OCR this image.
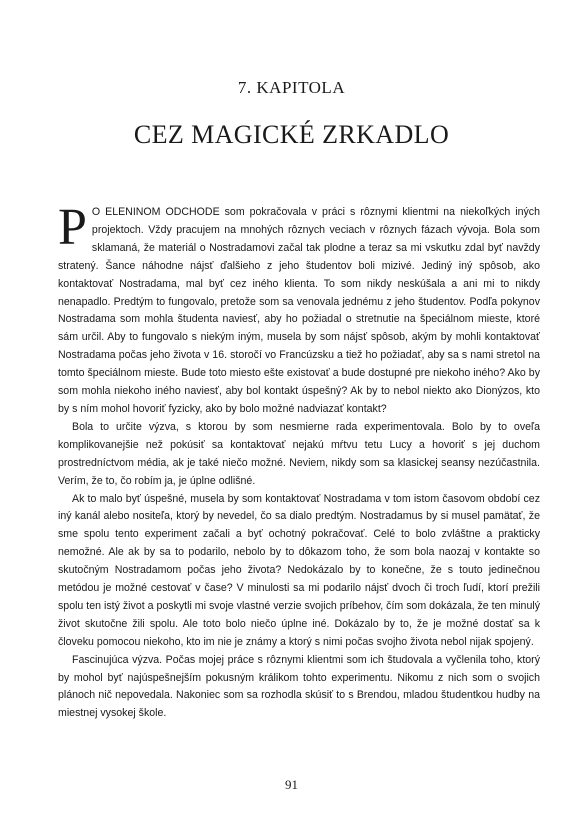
7. KAPITOLA
CEZ MAGICKÉ ZRKADLO

P O ELENINOM ODCHODE som pokračovala v práci s rôznymi klientmi na niekoľkých iných projektoch. Vždy pracujem na mnohých rôznych veciach v rôznych fázach vývoja. Bola som sklamaná, že materiál o Nostradamovi začal tak plodne a teraz sa mi vskutku zdal byť navždy stratený. Šance náhodne nájsť ďalšieho z jeho študentov boli mizivé. Jediný iný spôsob, ako kontaktovať Nostradama, mal byť cez iného klienta. To som nikdy neskúšala a ani mi to nikdy nenapadlo. Predtým to fungovalo, pretože som sa venovala jednému z jeho študentov. Podľa pokynov Nostradama som mohla študenta naviesť, aby ho požiadal o stretnutie na špeciálnom mieste, ktoré sám určil. Aby to fungovalo s niekým iným, musela by som nájsť spôsob, akým by mohli kontaktovať Nostradama počas jeho života v 16. storočí vo Francúzsku a tiež ho požiadať, aby sa s nami stretol na tomto špeciálnom mieste. Bude toto miesto ešte existovať a bude dostupné pre niekoho iného? Ako by som mohla niekoho iného naviesť, aby bol kontakt úspešný? Ak by to nebol niekto ako Dionýzos, kto by s ním mohol hovoriť fyzicky, ako by bolo možné nadviazať kontakt?

Bola to určite výzva, s ktorou by som nesmierne rada experimentovala. Bolo by to oveľa komplikovanejšie než pokúsiť sa kontaktovať nejakú mŕtvu tetu Lucy a hovoriť s jej duchom prostredníctvom média, ak je také niečo možné. Neviem, nikdy som sa klasickej seansy nezúčastnila. Verím, že to, čo robím ja, je úplne odlišné.

Ak to malo byť úspešné, musela by som kontaktovať Nostradama v tom istom časovom období cez iný kanál alebo nositeľa, ktorý by nevedel, čo sa dialo predtým. Nostradamus by si musel pamätať, že sme spolu tento experiment začali a byť ochotný pokračovať. Celé to bolo zvláštne a prakticky nemožné. Ale ak by sa to podarilo, nebolo by to dôkazom toho, že som bola naozaj v kontakte so skutočným Nostradamom počas jeho života? Nedokázalo by to konečne, že s touto jedinečnou metódou je možné cestovať v čase? V minulosti sa mi podarilo nájsť dvoch či troch ľudí, ktorí prežili spolu ten istý život a poskytli mi svoje vlastné verzie svojich príbehov, čím som dokázala, že ten minulý život skutočne žili spolu. Ale toto bolo niečo úplne iné. Dokázalo by to, že je možné dostať sa k človeku pomocou niekoho, kto im nie je známy a ktorý s nimi počas svojho života nebol nijak spojený.

Fascinujúca výzva. Počas mojej práce s rôznymi klientmi som ich študovala a vyčlenila toho, ktorý by mohol byť najúspešnejším pokusným králikom tohto experimentu. Nikomu z nich som o svojich plánoch nič nepovedala. Nakoniec som sa rozhodla skúsiť to s Brendou, mladou študentkou hudby na miestnej vysokej škole.

91
